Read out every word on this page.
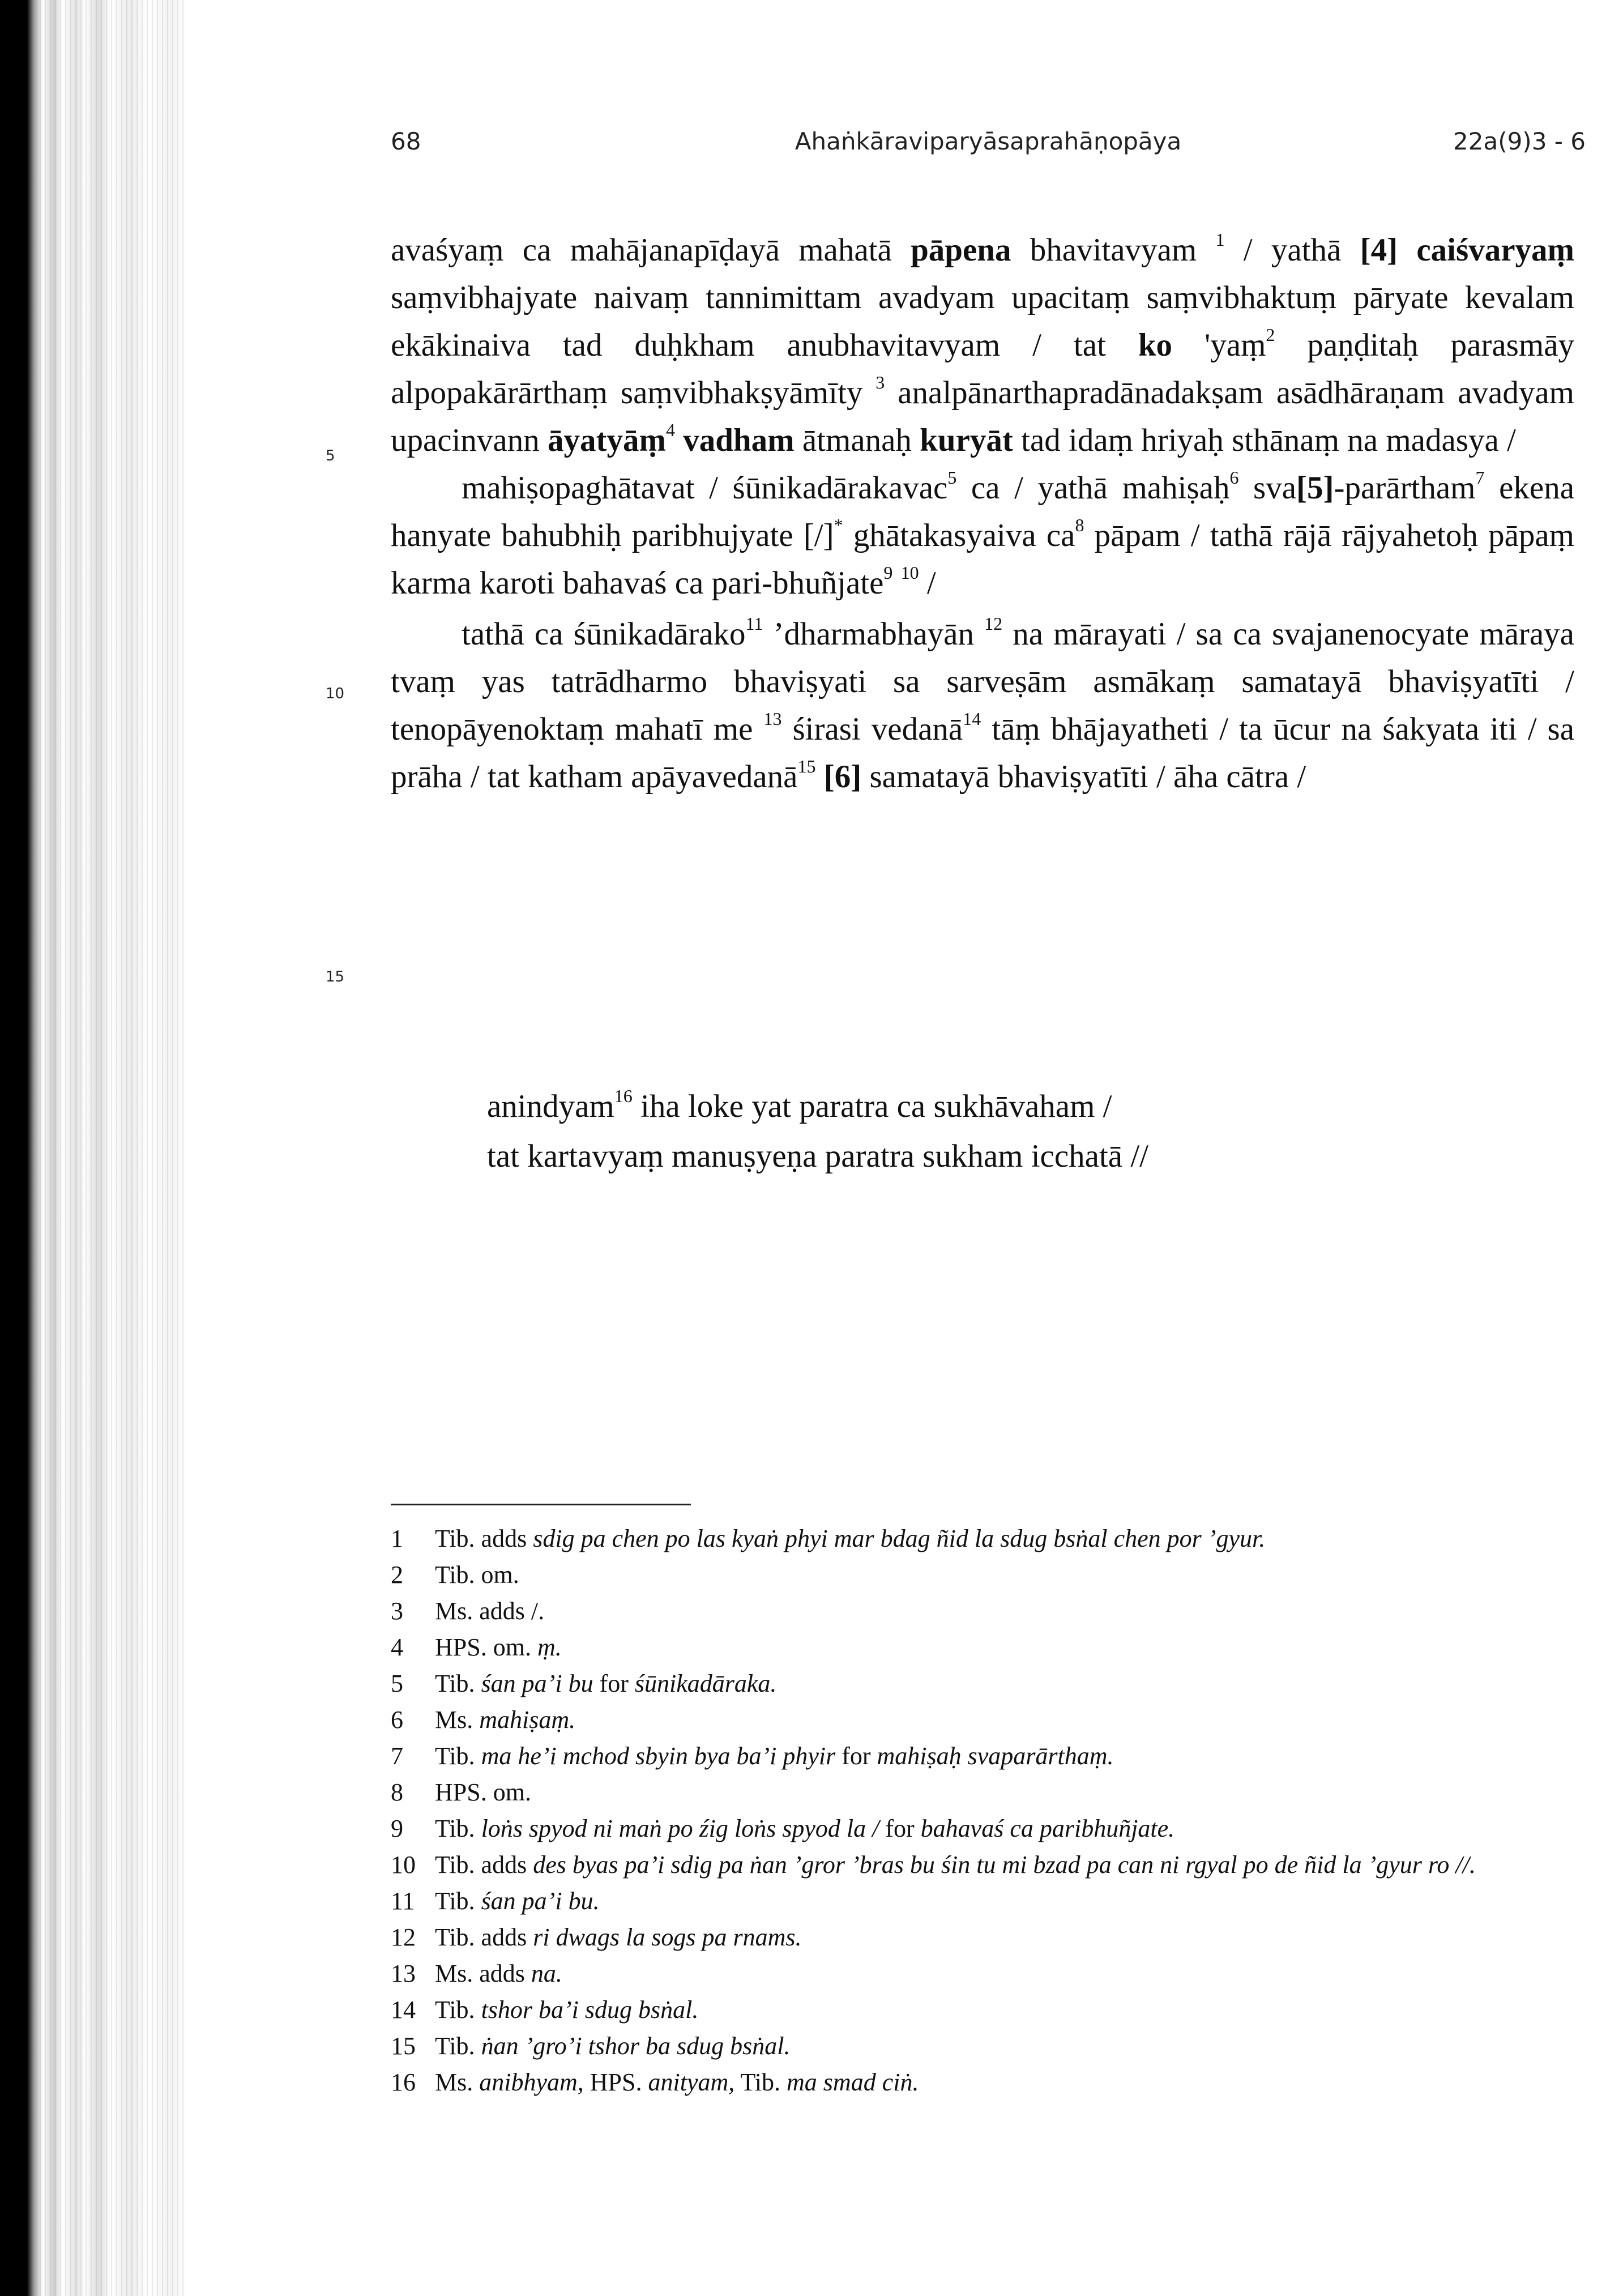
68	Ahaṅkāraviparyāsaprahāṇopāya	22a(9)3 - 6
5
10
15

avaśyaṃ ca mahājanapīḍayā mahatā pāpena bhavitavyam $^1$ / yathā [4] caiśvaryaṃ saṃvibhajyate naivaṃ tannimittam avadyam upacitaṃ saṃvibhaktuṃ pāryate kevalam ekākinaiva tad duḥkham anubhavitavyam / tat ko 'yaṃ$^2$ paṇḍitaḥ parasmāy alpopakārārthaṃ saṃvibhakṣyāmīty $^3$ analpānarthapradānadakṣam asādhāraṇam avadyam upacinvann āyatyāṃ$^4$ vadham ātmanaḥ kuryāt tad idaṃ hriyaḥ sthānaṃ na madasya /

mahiṣopaghātavat / śūnikadārakavac$^5$ ca / yathā mahiṣaḥ$^6$ sva[5]-parārtham$^7$ ekena hanyate bahubhiḥ paribhujyate [/]* ghātakasyaiva $ca^8$ pāpam / tathā rājā rājyahetoḥ pāpaṃ karma karoti bahavaś ca pari-bhuñjate$^9$ $^{10}$ /

tathā ca śūnikadārako$^{11}$ ’dharmabhayān $^{12}$ na mārayati / sa ca svajanenocyate māraya tvaṃ yas tatrādharmo bhaviṣyati sa sarveṣām asmākaṃ samatayā bhaviṣyatīti / tenopāyenoktaṃ mahatī me $^{13}$ śirasi vedanā$^{14}$ tāṃ bhājayatheti / ta ūcur na śakyata iti / sa prāha / tat katham apāyavedanā$^{15}$ [6] samatayā bhaviṣyatīti / āha cātra /

anindyam$^{16}$ iha loke yat paratra ca sukhāvaham /
tat kartavyaṃ manuṣyeṇa paratra sukham icchatā //
1 Tib. adds sdig pa chen po las kyaṅ phyi mar bdag ñid la sdug bsṅal chen por ’gyur.
2 Tib. om.
3 Ms. adds /.
4 HPS. om. ṃ.
5 Tib. śan pa’i bu for śūnikadāraka.
6 Ms. mahiṣaṃ.
7 Tib. ma he’i mchod sbyin bya ba’i phyir for mahiṣaḥ svaparārthaṃ.
8 HPS. om.
9 Tib. loṅs spyod ni maṅ po źig loṅs spyod la / for bahavaś ca paribhuñjate.
10 Tib. adds des byas pa’i sdig pa ṅan ’gror ’bras bu śin tu mi bzad pa can ni rgyal po de ñid la ’gyur ro //.
11 Tib. śan pa’i bu.
12 Tib. adds ri dwags la sogs pa rnams.
13 Ms. adds na.
14 Tib. tshor ba’i sdug bsṅal.
15 Tib. ṅan ’gro’i tshor ba sdug bsṅal.
16 Ms. anibhyam, HPS. anityam, Tib. ma smad ciṅ.
